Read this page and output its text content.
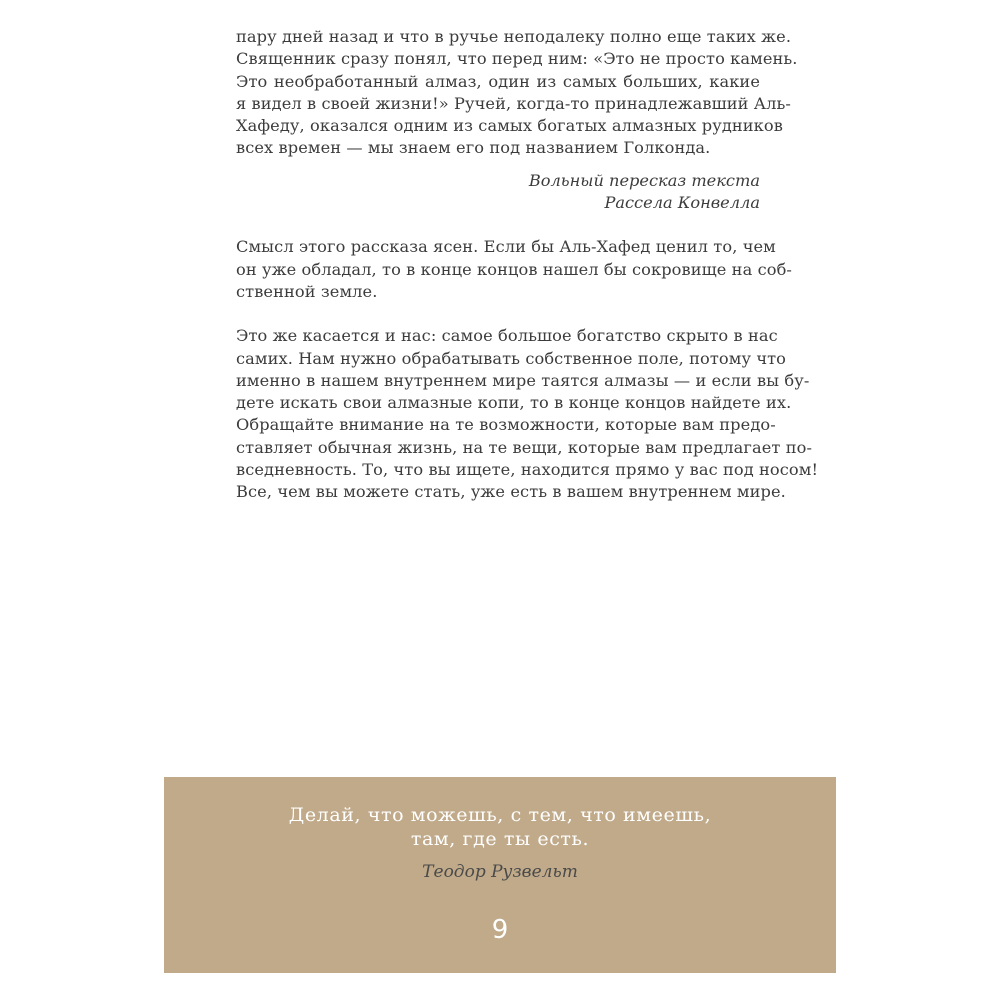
пару дней назад и что в ручье неподалеку полно еще таких же.
Священник сразу понял, что перед ним: «Это не просто камень.
Это необработанный алмаз, один из самых больших, какие
я видел в своей жизни!» Ручей, когда-то принадлежавший Аль-
Хафеду, оказался одним из самых богатых алмазных рудников
всех времен — мы знаем его под названием Голконда.

Вольный пересказ текста
Рассела Конвелла

Смысл этого рассказа ясен. Если бы Аль-Хафед ценил то, чем
он уже обладал, то в конце концов нашел бы сокровище на соб-
ственной земле.

Это же касается и нас: самое большое богатство скрыто в нас
самих. Нам нужно обрабатывать собственное поле, потому что
именно в нашем внутреннем мире таятся алмазы — и если вы бу-
дете искать свои алмазные копи, то в конце концов найдете их.
Обращайте внимание на те возможности, которые вам предо-
ставляет обычная жизнь, на те вещи, которые вам предлагает по-
вседневность. То, что вы ищете, находится прямо у вас под носом!
Все, чем вы можете стать, уже есть в вашем внутреннем мире.

Делай, что можешь, с тем, что имеешь,
там, где ты есть.

Теодор Рузвельт

9
